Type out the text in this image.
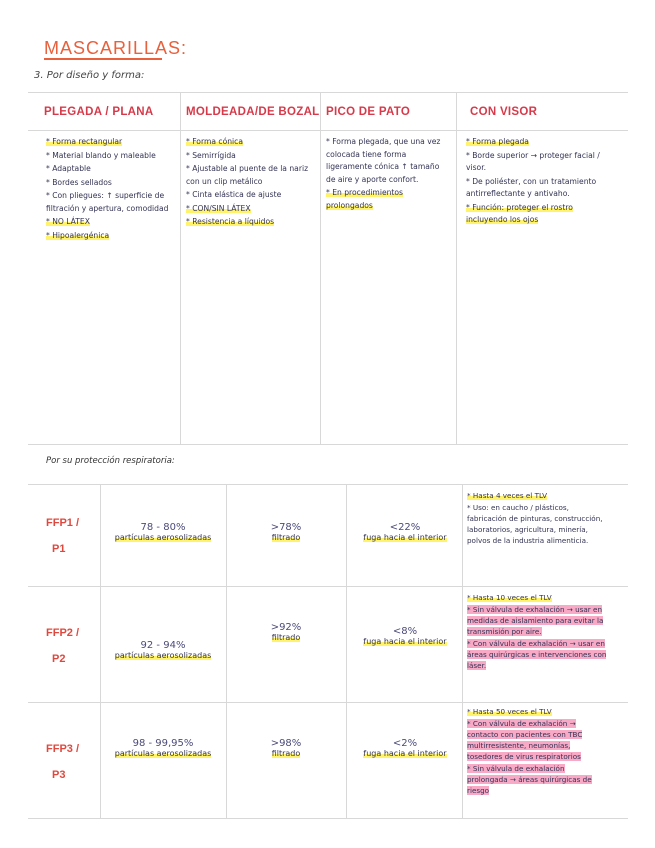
MASCARILLAS:
3. Por diseño y forma:
PLEGADA / PLANA	MOLDEADA/DE BOZAL PICO DE PATO	CON VISOR

* Forma rectangular

* Material blando y maleable

* Adaptable

* Bordes sellados

* Con pliegues: ↑ superficie de filtración y apertura, comodidad

* NO LÁTEX

* Hipoalergénica

* Forma cónica

* Semirrígida

* Ajustable al puente de la nariz con un clip metálico

* Cinta elástica de ajuste

* CON/SIN LÁTEX

* Resistencia a líquidos

* Forma plegada, que una vez colocada tiene forma ligeramente cónica ↑ tamaño de aire y aporte confort.

* En procedimientos prolongados

* Forma plegada

* Borde superior → proteger facial / visor.

* De poliéster, con un tratamiento antirreflectante y antivaho.

* Función: proteger el rostro incluyendo los ojos

Por su protección respiratoria:
FFP1 /
P1
78 - 80%
partículas aerosolizadas
>78%
filtrado
<22%
fuga hacia el interior

* Hasta 4 veces el TLV

* Uso: en caucho / plásticos, fabricación de pinturas, construcción, laboratorios, agricultura, minería, polvos de la industria alimenticia.

FFP2 /
P2
92 - 94%
partículas aerosolizadas
>92%
filtrado
<8%
fuga hacia el interior

* Hasta 10 veces el TLV

* Sin válvula de exhalación → usar en medidas de aislamiento para evitar la transmisión por aire.

* Con válvula de exhalación → usar en áreas quirúrgicas e intervenciones con láser.

FFP3 /
P3
98 - 99,95%
partículas aerosolizadas
>98%
filtrado
<2%
fuga hacia el interior

* Hasta 50 veces el TLV

* Con válvula de exhalación → contacto con pacientes con TBC multirresistente, neumonías, tosedores de virus respiratorios

* Sin válvula de exhalación prolongada → áreas quirúrgicas de riesgo
